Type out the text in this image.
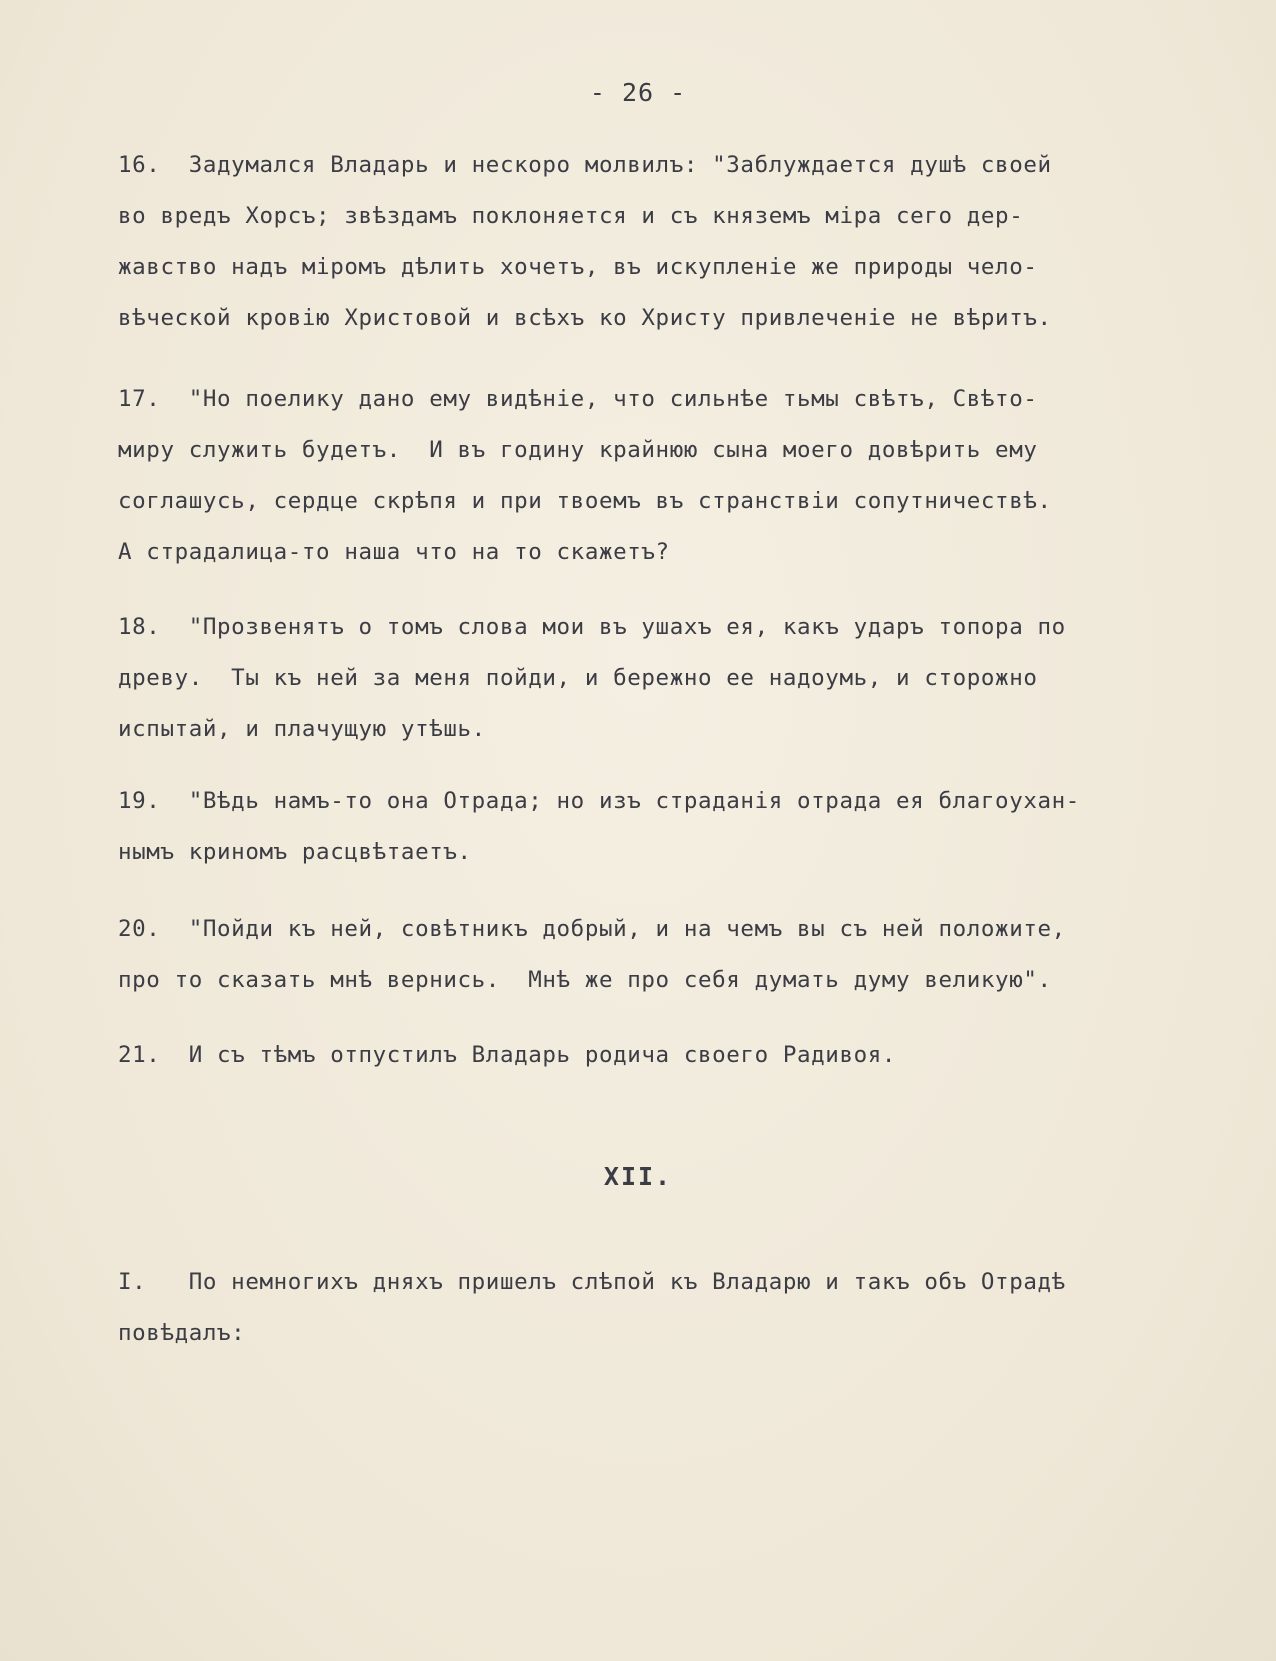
- 26 -
16.  Задумался Владарь и нескоро молвилъ: "Заблуждается душѣ своей
во вредъ Хорсъ; звѣздамъ поклоняется и съ княземъ міра сего дер-
жавство надъ міромъ дѣлить хочетъ, въ искупленіе же природы чело-
вѣческой кровію Христовой и всѣхъ ко Христу привлеченіе не вѣритъ.
17.  "Но поелику дано ему видѣніе, что сильнѣе тьмы свѣтъ, Свѣто-
миру служить будетъ.  И въ годину крайнюю сына моего довѣрить ему
соглашусь, сердце скрѣпя и при твоемъ въ странствіи сопутничествѣ.
А страдалица-то наша что на то скажетъ?
18.  "Прозвенятъ о томъ слова мои въ ушахъ ея, какъ ударъ топора по
древу.  Ты къ ней за меня пойди, и бережно ее надоумь, и сторожно
испытай, и плачущую утѣшь.
19.  "Вѣдь намъ-то она Отрада; но изъ страданія отрада ея благоухан-
нымъ криномъ расцвѣтаетъ.
20.  "Пойди къ ней, совѣтникъ добрый, и на чемъ вы съ ней положите,
про то сказать мнѣ вернись.  Мнѣ же про себя думать думу великую".
21.  И съ тѣмъ отпустилъ Владарь родича своего Радивоя.
XII.
I.   По немногихъ дняхъ пришелъ слѣпой къ Владарю и такъ объ Отрадѣ
повѣдалъ:
